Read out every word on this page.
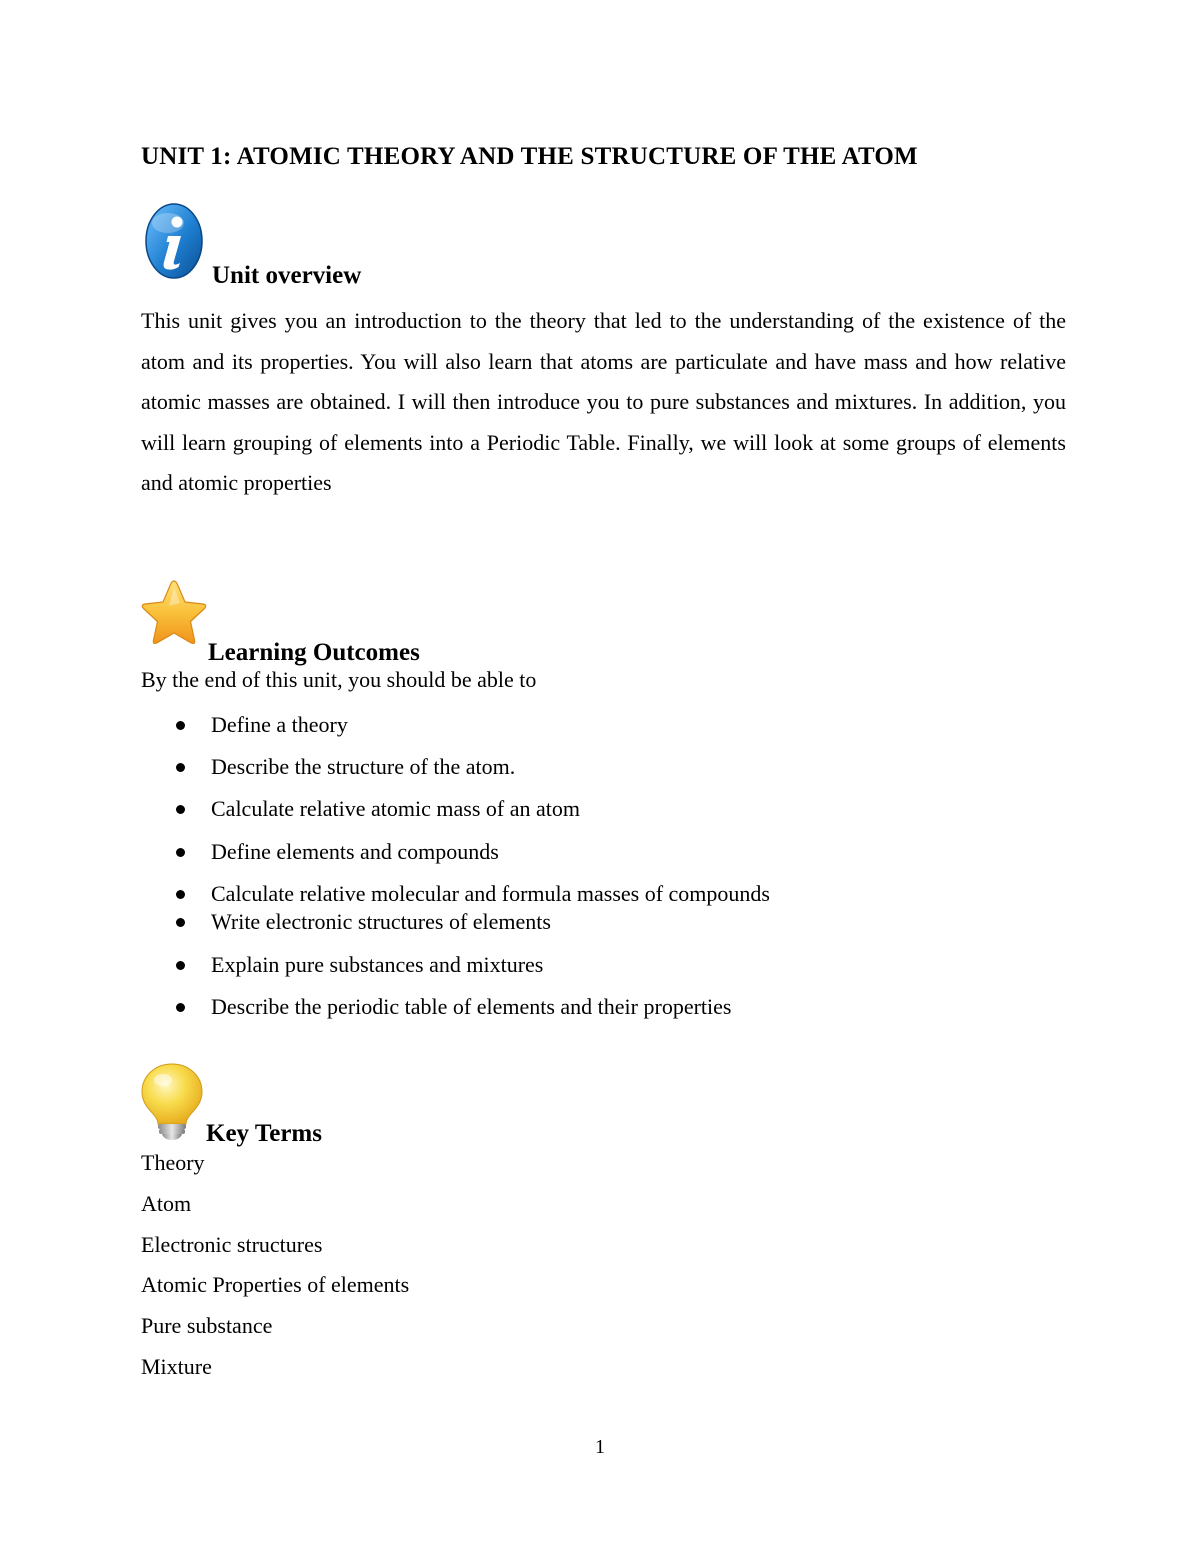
UNIT 1: ATOMIC THEORY AND THE STRUCTURE OF THE ATOM
Unit overview

This unit gives you an introduction to the theory that led to the understanding of the existence of the atom and its properties. You will also learn that atoms are particulate and have mass and how relative atomic masses are obtained. I will then introduce you to pure substances and mixtures. In addition, you will learn grouping of elements into a Periodic Table. Finally, we will look at some groups of elements and atomic properties

Learning Outcomes

By the end of this unit, you should be able to

Define a theory
Describe the structure of the atom.
Calculate relative atomic mass of an atom
Define elements and compounds
Calculate relative molecular and formula masses of compounds
Write electronic structures of elements
Explain pure substances and mixtures
Describe the periodic table of elements and their properties
Key Terms
Theory
Atom
Electronic structures
Atomic Properties of elements
Pure substance
Mixture
1
